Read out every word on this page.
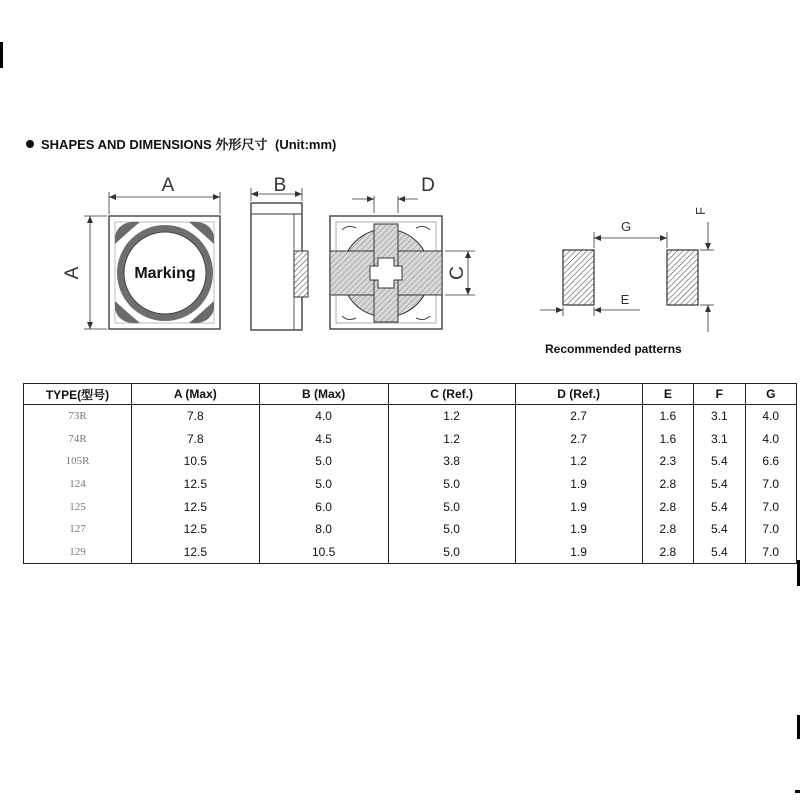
SHAPES AND DIMENSIONS 外形尺寸 (Unit:mm)
Marking
A
A
B	D
C
G
E
F
Recommended patterns
TYPE(型号)	A (Max)	B (Max)	C (Ref.)	D (Ref.)	E	F	G
73R	7.8	4.0	1.2	2.7	1.6	3.1	4.0
74R	7.8	4.5	1.2	2.7	1.6	3.1	4.0
105R	10.5	5.0	3.8	1.2	2.3	5.4	6.6
124	12.5	5.0	5.0	1.9	2.8	5.4	7.0
125	12.5	6.0	5.0	1.9	2.8	5.4	7.0
127	12.5	8.0	5.0	1.9	2.8	5.4	7.0
129	12.5	10.5	5.0	1.9	2.8	5.4	7.0
